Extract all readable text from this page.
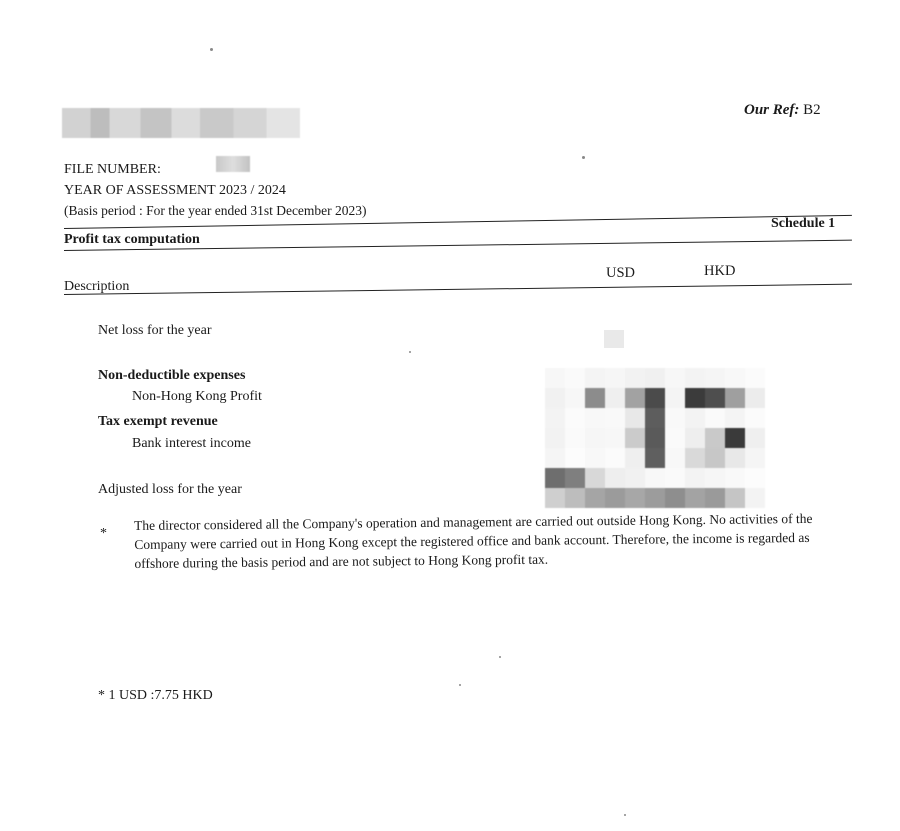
Our Ref: B2
FILE NUMBER:
YEAR OF ASSESSMENT 2023 / 2024
(Basis period : For the year ended 31st December 2023)
Profit tax computation
Schedule 1
USD	HKD
Description
Net loss for the year
Non-deductible expenses
Non-Hong Kong Profit
Tax exempt revenue
Bank interest income
Adjusted loss for the year
*
The director considered all the Company's operation and management are carried out outside Hong Kong. No activities of the Company were carried out in Hong Kong except the registered office and bank account. Therefore, the income is regarded as offshore during the basis period and are not subject to Hong Kong profit tax.
* 1 USD :7.75 HKD
